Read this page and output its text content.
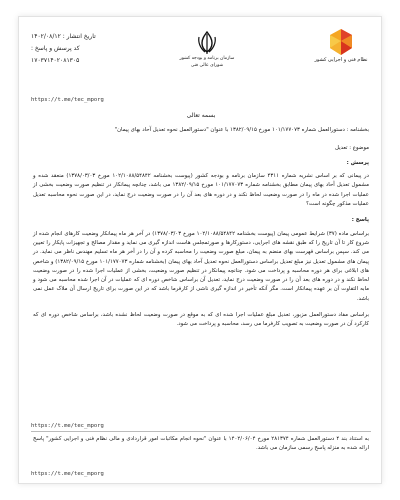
تاریخ انتشار : ۱۴۰۲/۰۸/۱۲
کد پرسش و پاسخ :
۱۷۰۳۷۱۴۰۲۰۸۱۳۰۵	سازمان برنامه و بودجه کشور
شورای عالی فنی
نظام فنی و اجرایی کشور
https://t.me/tec_mporg
بسمه تعالی
بخشنامه : دستورالعمل شماره ۱۰۱/۱۷۷۰۷۳ مورخ ۱۳۸۲/۰۹/۱۵ با عنوان "دستورالعمل نحوه تعدیل آحاد بهای پیمان"
موضوع : تعدیل
پرسش :
در پیمانی که بر اساس نشریه شماره ۴۳۱۱ سازمان برنامه و بودجه کشور (پیوست بخشنامه ۱۰۲/۱۰۸۸/۵۴۸۴۲ مورخ ۱۳۷۸/۰۳/۰۳) منعقد شده و مشمول تعدیل آحاد بهای پیمان مطابق بخشنامه شماره ۱۰۱/۱۷۷۰۷۳ مورخ ۱۳۸۲/۰۹/۱۵ می باشد، چنانچه پیمانکار در تنظیم صورت وضعیت بخشی از عملیات اجرا شده در ماه را در صورت وضعیت لحاظ نکند و در دوره های بعد آن را در صورت وضعیت درج نماید، در این صورت نحوه محاسبه تعدیل عملیات مذکور چگونه است؟
پاسخ :
براساس ماده (۳۷) شرایط عمومی پیمان (پیوست بخشنامه ۱۰۲/۱۰۸۸/۵۴۸۴۲ مورخ ۱۳۷۸/۰۳/۰۳) در آخر هر ماه پیمانکار وضعیت کارهای انجام شده از شروع کار تا آن تاریخ را که طبق نقشه های اجرایی، دستورکارها و صورتمجلس هاست اندازه گیری می نماید و مقدار مصالح و تجهیزات پایکار را تعیین می کند. سپس براساس فهرست بهای منضم به پیمان، مبلغ صورت وضعیت را محاسبه کرده و آن را در آخر هر ماه تسلیم مهندس ناظر می نماید. در پیمان های مشمول تعدیل نیز مبلغ تعدیل براساس دستورالعمل نحوه تعدیل آحاد بهای پیمان (بخشنامه شماره ۱۰۱/۱۷۷۰۷۳ مورخ ۱۳۸۲/۰۹/۱۵) و شاخص های ابلاغی برای هر دوره محاسبه و پرداخت می شود. چنانچه پیمانکار در تنظیم صورت وضعیت، بخشی از عملیات اجرا شده را در صورت وضعیت لحاظ نکند و در دوره های بعد آن را در صورت وضعیت درج نماید، تعدیل آن براساس شاخص دوره ای که عملیات در آن اجرا شده محاسبه می شود و مابه التفاوت آن بر عهده پیمانکار است. مگر آنکه تأخیر در اندازه گیری ناشی از کارفرما باشد که در این صورت برای تاریخ ارسال آن ملاک عمل نمی باشد.
براساس مفاد دستورالعمل مزبور، تعدیل مبلغ عملیات اجرا شده ای که به موقع در صورت وضعیت لحاظ نشده باشد، براساس شاخص دوره ای که کارکرد آن در صورت وضعیت به تصویب کارفرما می رسد، محاسبه و پرداخت می شود.
https://t.me/tec_mporg
به استناد بند ۴ دستورالعمل شماره ۲۸۱۳۷۴ مورخ ۱۴۰۲/۰۶/۰۴ با عنوان "نحوه انجام مکاتبات امور قراردادی و مالی نظام فنی و اجرایی کشور" پاسخ ارائه شده به منزله پاسخ رسمی سازمان می باشد.
https://t.me/tec_mporg
